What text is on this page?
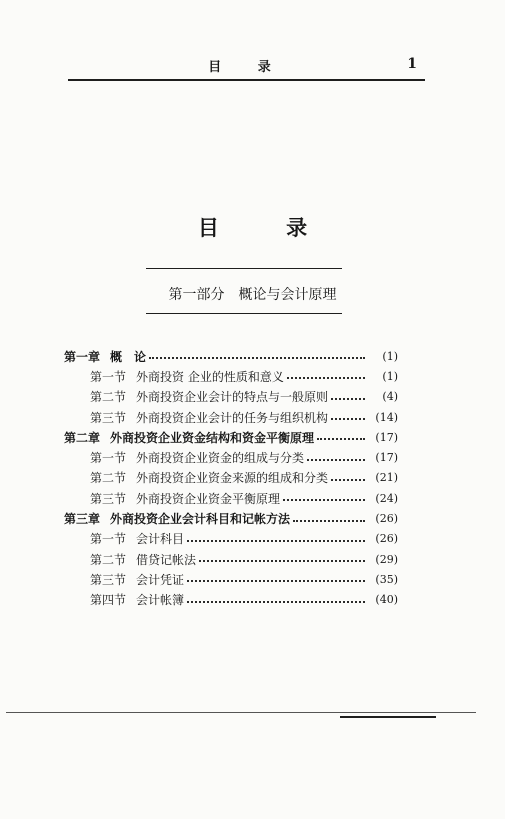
目 录	1
目 录
第一部分　概论与会计原理
第一章 概　论	(1)
第一节 外商投资 企业的性质和意义	(1)
第二节 外商投资企业会计的特点与一般原则	(4)
第三节 外商投资企业会计的任务与组织机构	(14)
第二章 外商投资企业资金结构和资金平衡原理	(17)
第一节 外商投资企业资金的组成与分类	(17)
第二节 外商投资企业资金来源的组成和分类	(21)
第三节 外商投资企业资金平衡原理	(24)
第三章 外商投资企业会计科目和记帐方法	(26)
第一节 会计科目	(26)
第二节 借贷记帐法	(29)
第三节 会计凭证	(35)
第四节 会计帐簿	(40)
